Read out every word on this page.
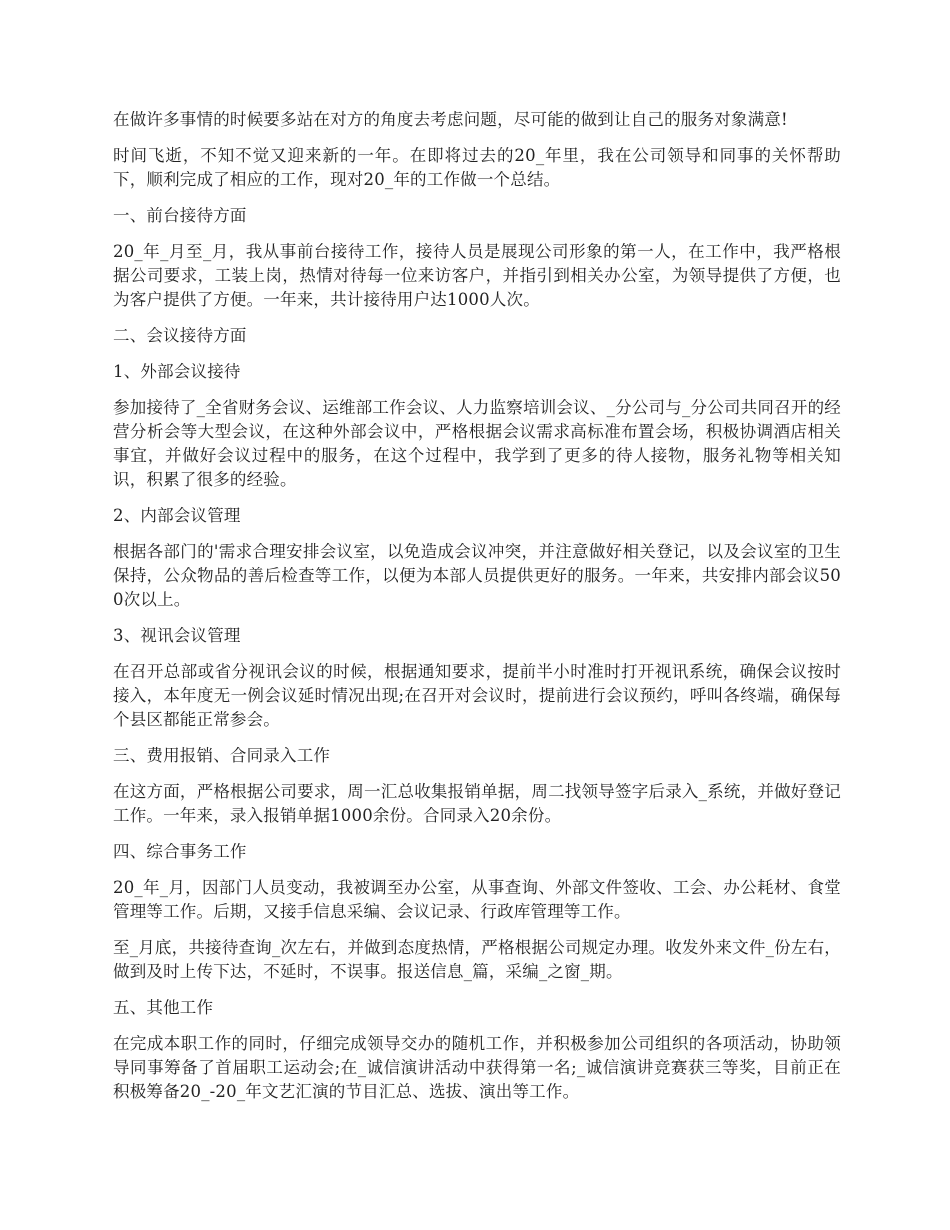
在做许多事情的时候要多站在对方的角度去考虑问题，尽可能的做到让自己的服务对象满意!

时间飞逝，不知不觉又迎来新的一年。在即将过去的20_年里，我在公司领导和同事的关怀帮助下，顺利完成了相应的工作，现对20_年的工作做一个总结。

一、前台接待方面

20_年_月至_月，我从事前台接待工作，接待人员是展现公司形象的第一人，在工作中，我严格根据公司要求，工装上岗，热情对待每一位来访客户，并指引到相关办公室，为领导提供了方便，也为客户提供了方便。一年来，共计接待用户达1000人次。

二、会议接待方面

1、外部会议接待

参加接待了_全省财务会议、运维部工作会议、人力监察培训会议、_分公司与_分公司共同召开的经营分析会等大型会议，在这种外部会议中，严格根据会议需求高标准布置会场，积极协调酒店相关事宜，并做好会议过程中的服务，在这个过程中，我学到了更多的待人接物，服务礼物等相关知识，积累了很多的经验。

2、内部会议管理

根据各部门的'需求合理安排会议室，以免造成会议冲突，并注意做好相关登记，以及会议室的卫生保持，公众物品的善后检查等工作，以便为本部人员提供更好的服务。一年来，共安排内部会议500次以上。

3、视讯会议管理

在召开总部或省分视讯会议的时候，根据通知要求，提前半小时准时打开视讯系统，确保会议按时接入，本年度无一例会议延时情况出现;在召开对会议时，提前进行会议预约，呼叫各终端，确保每个县区都能正常参会。

三、费用报销、合同录入工作

在这方面，严格根据公司要求，周一汇总收集报销单据，周二找领导签字后录入_系统，并做好登记工作。一年来，录入报销单据1000余份。合同录入20余份。

四、综合事务工作

20_年_月，因部门人员变动，我被调至办公室，从事查询、外部文件签收、工会、办公耗材、食堂管理等工作。后期，又接手信息采编、会议记录、行政库管理等工作。

至_月底，共接待查询_次左右，并做到态度热情，严格根据公司规定办理。收发外来文件_份左右，做到及时上传下达，不延时，不误事。报送信息_篇，采编_之窗_期。

五、其他工作

在完成本职工作的同时，仔细完成领导交办的随机工作，并积极参加公司组织的各项活动，协助领导同事筹备了首届职工运动会;在_诚信演讲活动中获得第一名;_诚信演讲竞赛获三等奖，目前正在积极筹备20_-20_年文艺汇演的节目汇总、选拔、演出等工作。
